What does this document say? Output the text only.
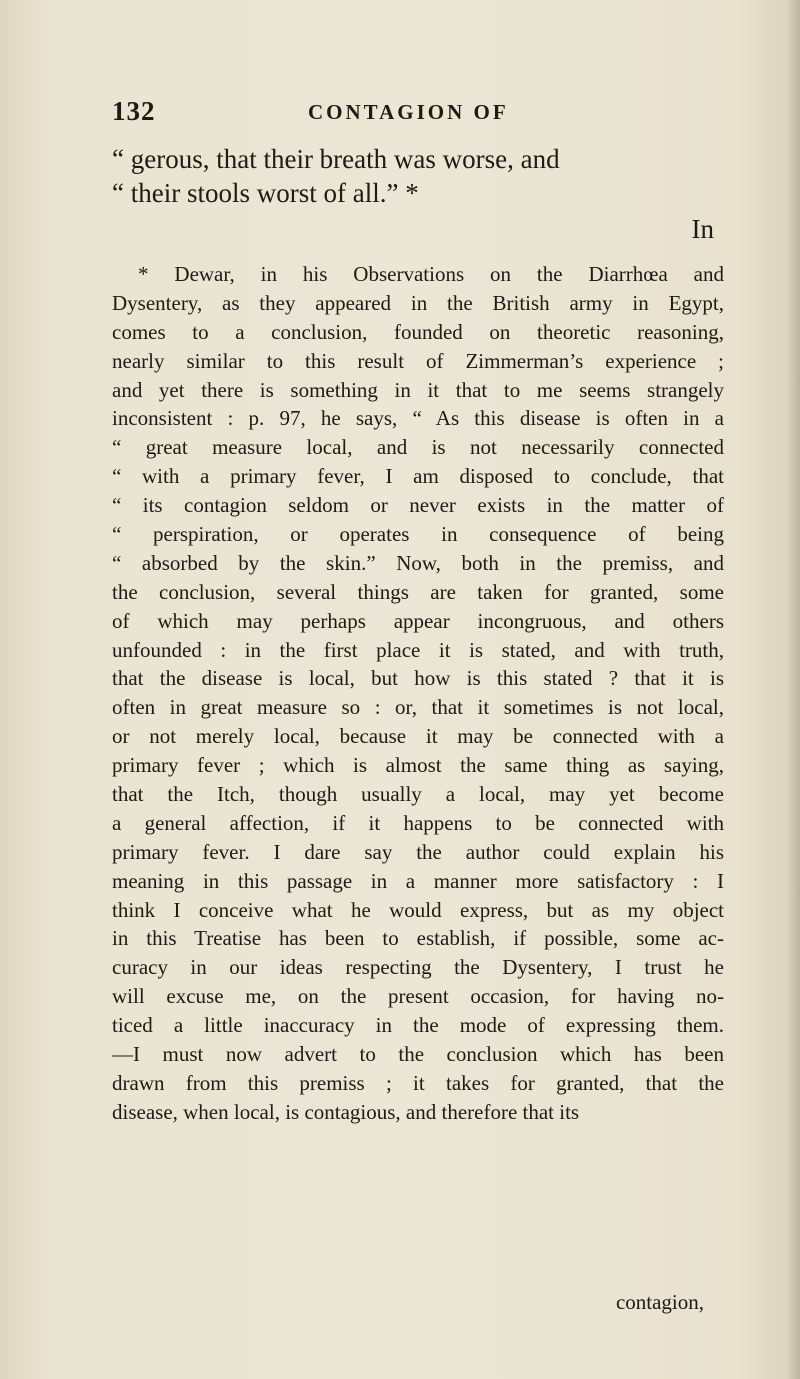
132	CONTAGION OF
“ gerous, that their breath was worse, and
“ their stools worst of all.” *
In
* Dewar, in his Observations on the Diarrhœa and
Dysentery, as they appeared in the British army in Egypt,
comes to a conclusion, founded on theoretic reasoning,
nearly similar to this result of Zimmerman’s experience ;
and yet there is something in it that to me seems strangely
inconsistent : p. 97, he says, “ As this disease is often in a
“ great measure local, and is not necessarily connected
“ with a primary fever, I am disposed to conclude, that
“ its contagion seldom or never exists in the matter of
“ perspiration, or operates in consequence of being
“ absorbed by the skin.” Now, both in the premiss, and
the conclusion, several things are taken for granted, some
of which may perhaps appear incongruous, and others
unfounded : in the first place it is stated, and with truth,
that the disease is local, but how is this stated ? that it is
often in great measure so : or, that it sometimes is not local,
or not merely local, because it may be connected with a
primary fever ; which is almost the same thing as saying,
that the Itch, though usually a local, may yet become
a general affection, if it happens to be connected with
primary fever. I dare say the author could explain his
meaning in this passage in a manner more satisfactory : I
think I conceive what he would express, but as my object
in this Treatise has been to establish, if possible, some ac-
curacy in our ideas respecting the Dysentery, I trust he
will excuse me, on the present occasion, for having no-
ticed a little inaccuracy in the mode of expressing them.
—I must now advert to the conclusion which has been
drawn from this premiss ; it takes for granted, that the
disease, when local, is contagious, and therefore that its
contagion,
